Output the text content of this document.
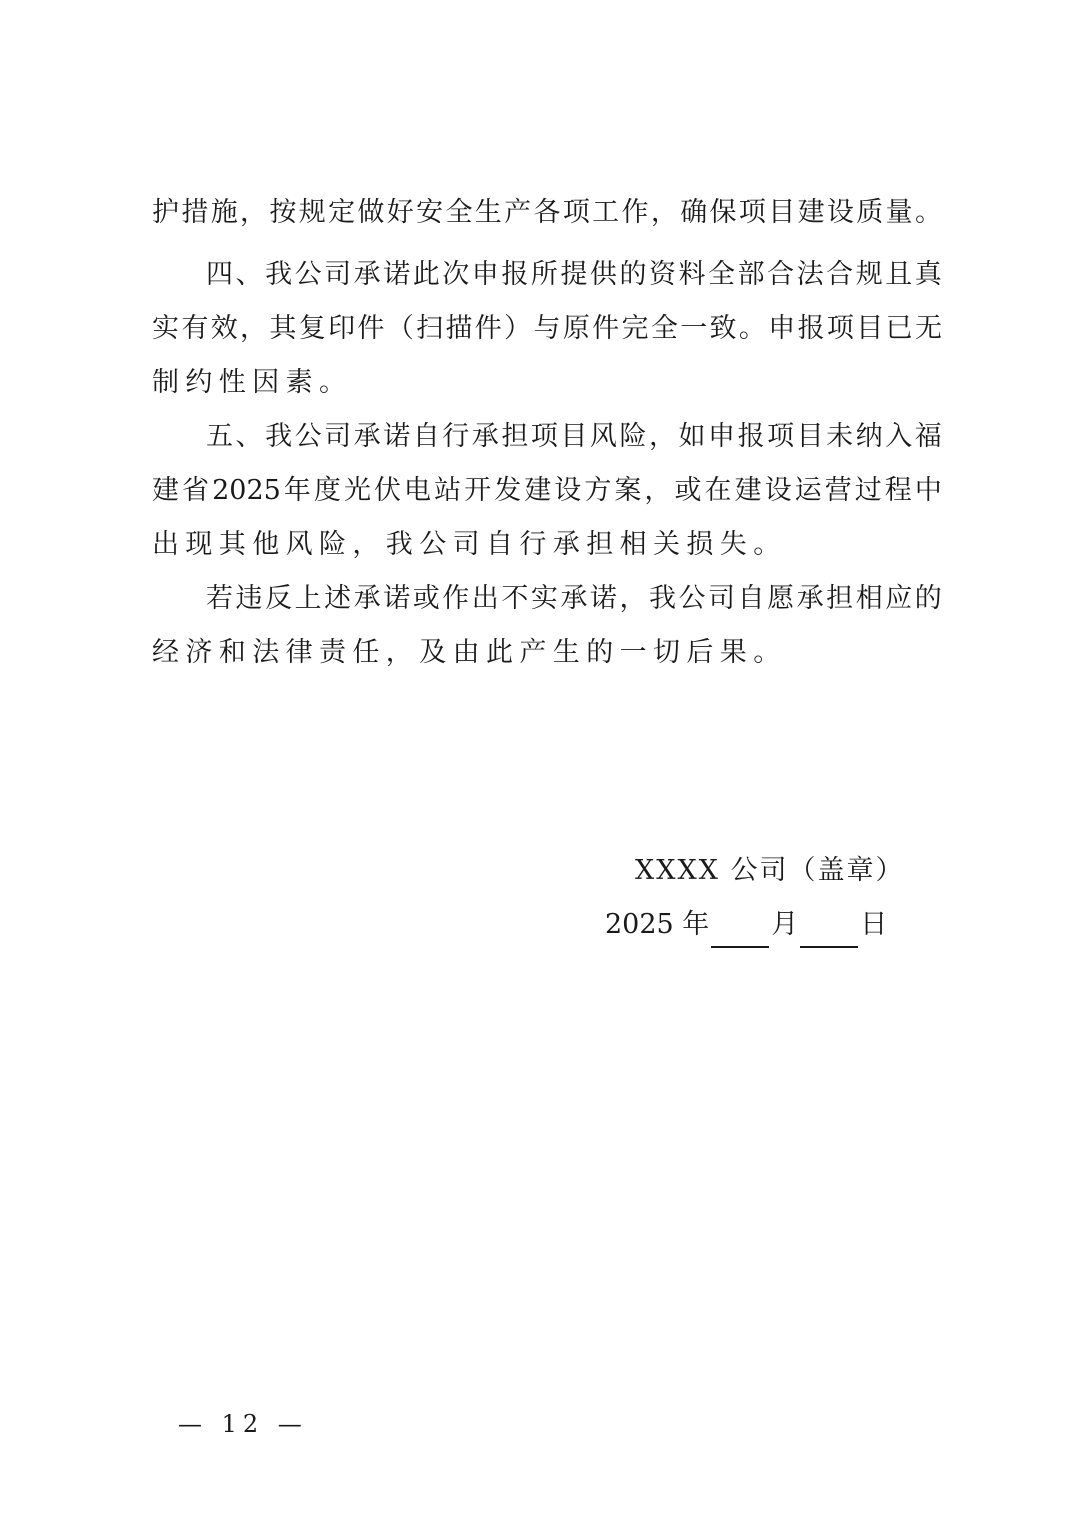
护 措 施 ， 按 规 定 做 好 安 全 生 产 各 项 工 作 ， 确 保 项 目 建 设 质 量 。
四 、 我 公 司 承 诺 此 次 申 报 所 提 供 的 资 料 全 部 合 法 合 规 且 真
实 有 效 ， 其 复 印 件 （ 扫 描 件 ） 与 原 件 完 全 一 致 。 申 报 项 目 已 无
制约性因素。
五 、 我 公 司 承 诺 自 行 承 担 项 目 风 险 ， 如 申 报 项 目 未 纳 入 福
建 省 2025 年 度 光 伏 电 站 开 发 建 设 方 案 ， 或 在 建 设 运 营 过 程 中
出现其他风险，我公司自行承担相关损失。
若 违 反 上 述 承 诺 或 作 出 不 实 承 诺 ， 我 公 司 自 愿 承 担 相 应 的
经济和法律责任，及由此产生的一切后果。
XXXX 公司（盖章）
2025 年 月 日
— 12 —
